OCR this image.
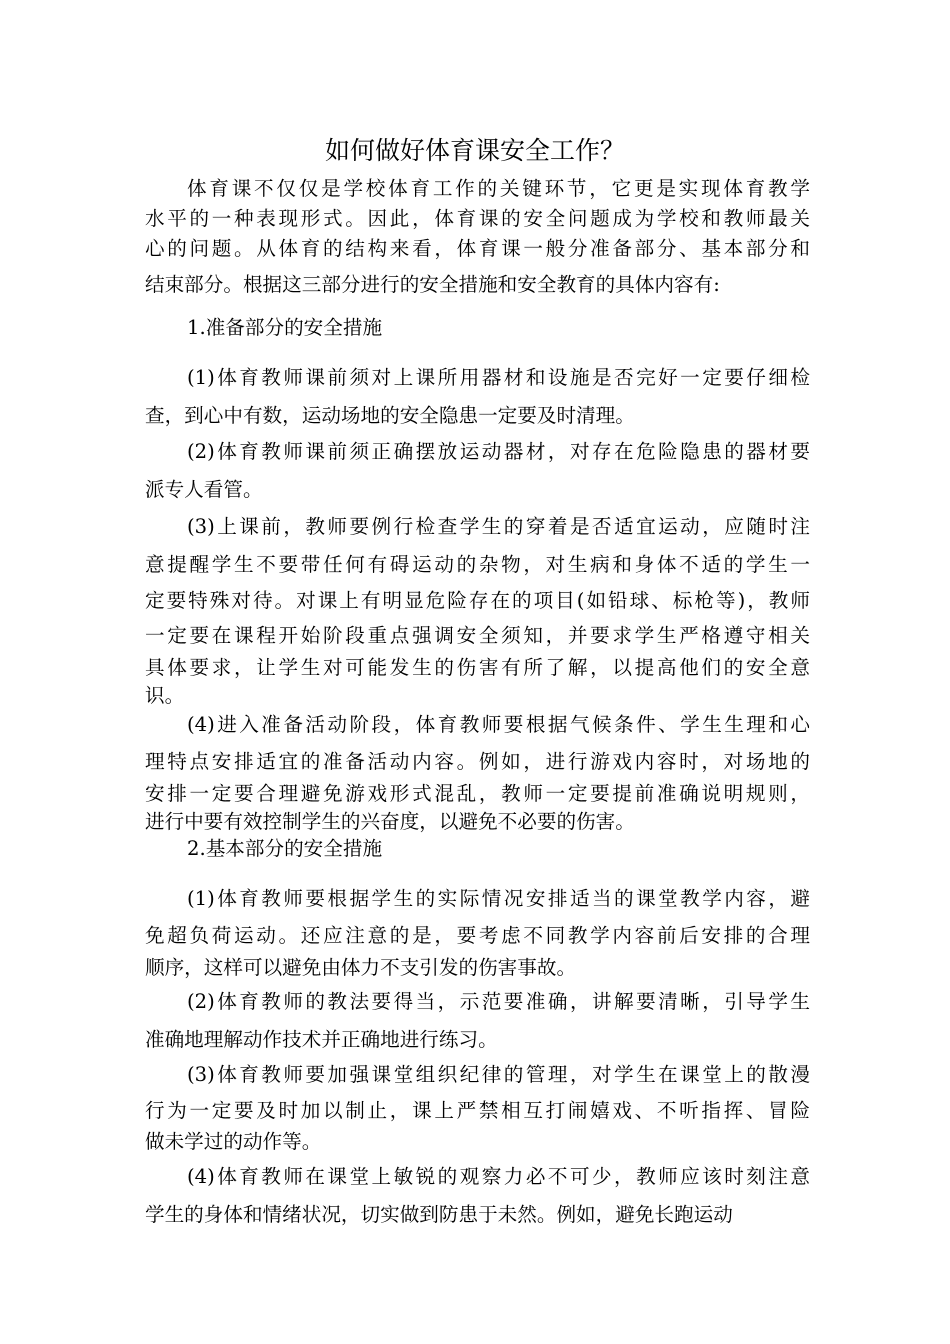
如何做好体育课安全工作？

体育课不仅仅是学校体育工作的关键环节，它更是实现体育教学
水平的一种表现形式。因此，体育课的安全问题成为学校和教师最关
心的问题。从体育的结构来看，体育课一般分准备部分、基本部分和
结束部分。根据这三部分进行的安全措施和安全教育的具体内容有:

1.准备部分的安全措施

(1)体育教师课前须对上课所用器材和设施是否完好一定要仔细检
查，到心中有数，运动场地的安全隐患一定要及时清理。

(2)体育教师课前须正确摆放运动器材，对存在危险隐患的器材要
派专人看管。

(3)上课前，教师要例行检查学生的穿着是否适宜运动，应随时注
意提醒学生不要带任何有碍运动的杂物，对生病和身体不适的学生一
定要特殊对待。对课上有明显危险存在的项目(如铅球、标枪等)，教师
一定要在课程开始阶段重点强调安全须知，并要求学生严格遵守相关
具体要求，让学生对可能发生的伤害有所了解，以提高他们的安全意
识。

(4)进入准备活动阶段，体育教师要根据气候条件、学生生理和心
理特点安排适宜的准备活动内容。例如，进行游戏内容时，对场地的
安排一定要合理避免游戏形式混乱，教师一定要提前准确说明规则，
进行中要有效控制学生的兴奋度，以避免不必要的伤害。

2.基本部分的安全措施

(1)体育教师要根据学生的实际情况安排适当的课堂教学内容，避
免超负荷运动。还应注意的是，要考虑不同教学内容前后安排的合理
顺序，这样可以避免由体力不支引发的伤害事故。

(2)体育教师的教法要得当，示范要准确，讲解要清晰，引导学生
准确地理解动作技术并正确地进行练习。

(3)体育教师要加强课堂组织纪律的管理，对学生在课堂上的散漫
行为一定要及时加以制止，课上严禁相互打闹嬉戏、不听指挥、冒险
做未学过的动作等。

(4)体育教师在课堂上敏锐的观察力必不可少，教师应该时刻注意
学生的身体和情绪状况，切实做到防患于未然。例如，避免长跑运动
